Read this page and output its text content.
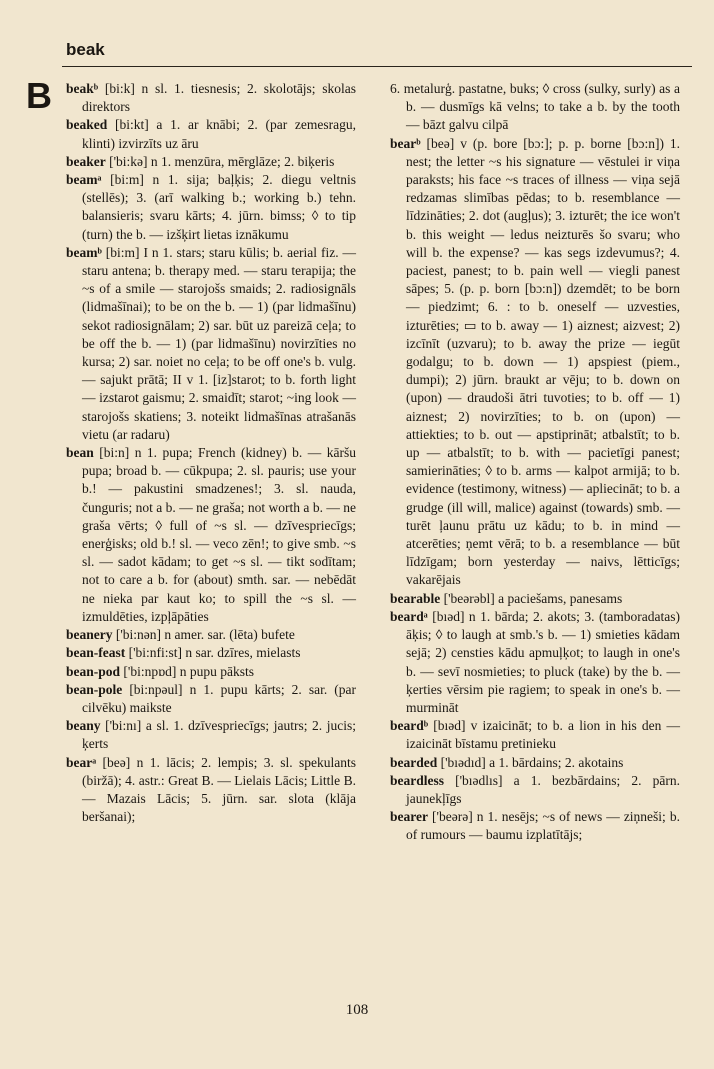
beak
B beakᵇ [bi:k] n sl. 1. tiesnesis; 2. skolotājs; skolas direktors

beaked [bi:kt] a 1. ar knābi; 2. (par zemesragu, klinti) izvirzīts uz āru

beaker ['bi:kə] n 1. menzūra, mērglāze; 2. biķeris

beamᵃ [bi:m] n 1. sija; baļķis; 2. diegu veltnis (stellēs); 3. (arī walking b.; working b.) tehn. balansieris; svaru kārts; 4. jūrn. bimss; ◊ to tip (turn) the b. — izšķirt lietas iznākumu

beamᵇ [bi:m] I n 1. stars; staru kūlis; b. aerial fiz. — staru antena; b. therapy med. — staru terapija; the ~s of a smile — starojošs smaids; 2. radiosignāls (lidmašīnai); to be on the b. — 1) (par lidmašīnu) sekot radiosignālam; 2) sar. būt uz pareizā ceļa; to be off the b. — 1) (par lidmašīnu) novirzīties no kursa; 2) sar. noiet no ceļa; to be off one's b. vulg. — sajukt prātā; II v 1. [iz]starot; to b. forth light — izstarot gaismu; 2. smaidīt; starot; ~ing look — starojošs skatiens; 3. noteikt lidmašīnas atrašanās vietu (ar radaru)

bean [bi:n] n 1. pupa; French (kidney) b. — kāršu pupa; broad b. — cūkpupa; 2. sl. pauris; use your b.! — pakustini smadzenes!; 3. sl. nauda, čunguris; not a b. — ne graša; not worth a b. — ne graša vērts; ◊ full of ~s sl. — dzīvespriecīgs; enerģisks; old b.! sl. — veco zēn!; to give smb. ~s sl. — sadot kādam; to get ~s sl. — tikt sodītam; not to care a b. for (about) smth. sar. — nebēdāt ne nieka par kaut ko; to spill the ~s sl. — izmuldēties, izpļāpāties

beanery ['bi:nən] n amer. sar. (lēta) bufete

bean-feast ['bi:nfi:st] n sar. dzīres, mielasts

bean-pod ['bi:npɒd] n pupu pāksts

bean-pole [bi:npəul] n 1. pupu kārts; 2. sar. (par cilvēku) maikste

beany ['bi:nı] a sl. 1. dzīvespriecīgs; jautrs; 2. jucis; ķerts

bearᵃ [beə] n 1. lācis; 2. lempis; 3. sl. spekulants (biržā); 4. astr.: Great B. — Lielais Lācis; Little B. — Mazais Lācis; 5. jūrn. sar. slota (klāja beršanai);

6. metalurģ. pastatne, buks; ◊ cross (sulky, surly) as a b. — dusmīgs kā velns; to take a b. by the tooth — bāzt galvu cilpā

bearᵇ [beə] v (p. bore [bɔ:]; p. p. borne [bɔ:n]) 1. nest; the letter ~s his signature — vēstulei ir viņa paraksts; his face ~s traces of illness — viņa sejā redzamas slimības pēdas; to b. resemblance — līdzināties; 2. dot (augļus); 3. izturēt; the ice won't b. this weight — ledus neizturēs šo svaru; who will b. the expense? — kas segs izdevumus?; 4. paciest, panest; to b. pain well — viegli panest sāpes; 5. (p. p. born [bɔ:n]) dzemdēt; to be born — piedzimt; 6. : to b. oneself — uzvesties, izturēties; ▭ to b. away — 1) aiznest; aizvest; 2) izcīnīt (uzvaru); to b. away the prize — iegūt godalgu; to b. down — 1) apspiest (piem., dumpi); 2) jūrn. braukt ar vēju; to b. down on (upon) — draudoši ātri tuvoties; to b. off — 1) aiznest; 2) novirzīties; to b. on (upon) — attiekties; to b. out — apstiprināt; atbalstīt; to b. up — atbalstīt; to b. with — pacietīgi panest; samierināties; ◊ to b. arms — kalpot armijā; to b. evidence (testimony, witness) — apliecināt; to b. a grudge (ill will, malice) against (towards) smb. — turēt ļaunu prātu uz kādu; to b. in mind — atcerēties; ņemt vērā; to b. a resemblance — būt līdzīgam; born yesterday — naivs, lētticīgs; vakarējais

bearable ['beərəbl] a paciešams, panesams

beardᵃ [bıəd] n 1. bārda; 2. akots; 3. (tamboradatas) āķis; ◊ to laugh at smb.'s b. — 1) smieties kādam sejā; 2) censties kādu apmuļķot; to laugh in one's b. — sevī nosmieties; to pluck (take) by the b. — ķerties vērsim pie ragiem; to speak in one's b. — murmināt

beardᵇ [bıəd] v izaicināt; to b. a lion in his den — izaicināt bīstamu pretinieku

bearded ['bıədıd] a 1. bārdains; 2. akotains

beardless ['bıədlıs] a 1. bezbārdains; 2. pārn. jaunekļīgs

bearer ['beərə] n 1. nesējs; ~s of news — ziņneši; b. of rumours — baumu izplatītājs;

108
